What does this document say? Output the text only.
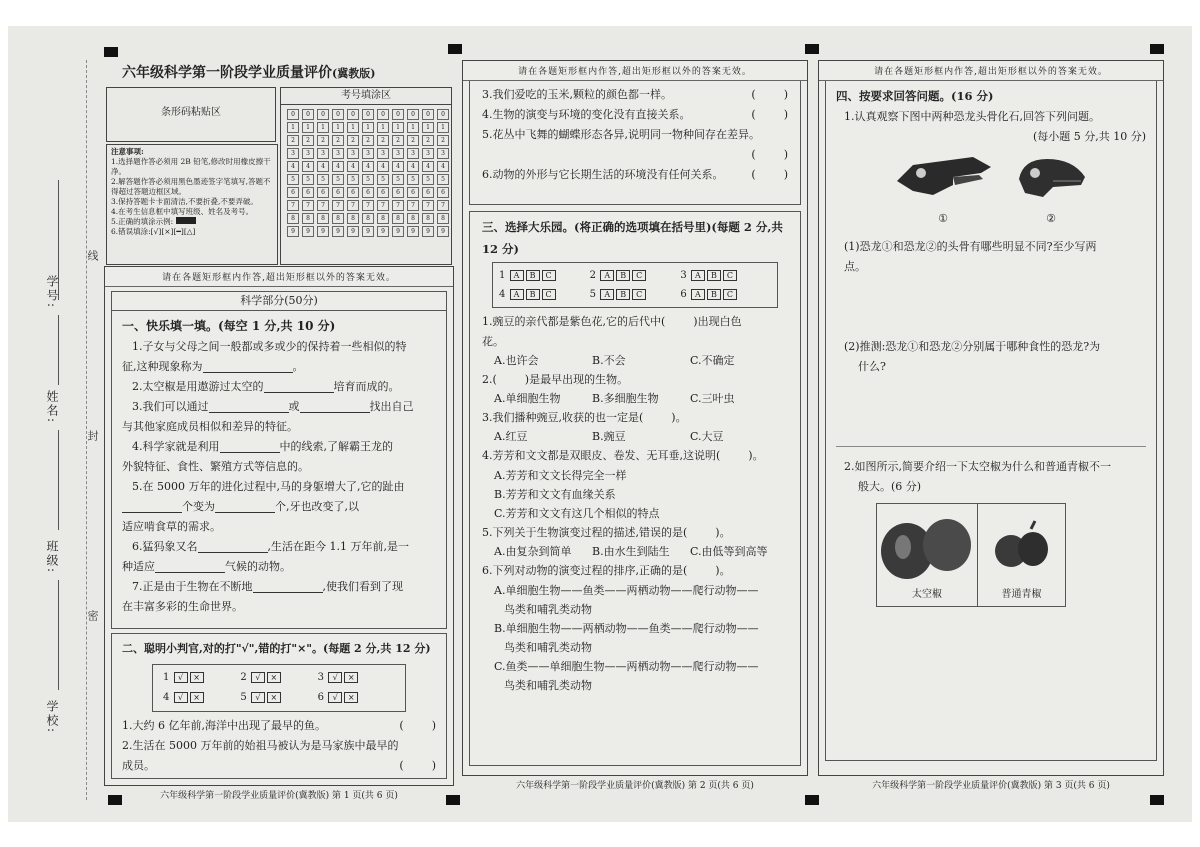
学号:
姓名:
班级:
学校:
线
封
密
六年级科学第一阶段学业质量评价(冀教版)
条形码粘贴区
考号填涂区
0	0	0	0	0	0	0	0	0	0	0
1	1	1	1	1	1	1	1	1	1	1
2	2	2	2	2	2	2	2	2	2	2
3	3	3	3	3	3	3	3	3	3	3
4	4	4	4	4	4	4	4	4	4	4
5	5	5	5	5	5	5	5	5	5	5
6	6	6	6	6	6	6	6	6	6	6
7	7	7	7	7	7	7	7	7	7	7
8	8	8	8	8	8	8	8	8	8	8
9	9	9	9	9	9	9	9	9	9	9
注意事项:
1.选择题作答必须用 2B 铅笔,修改时用橡皮擦干净。
2.解答题作答必须用黑色墨迹签字笔填写,答题不得超过答题边框区域。
3.保持答题卡卡面清洁,不要折叠,不要弄破。
4.在考生信息框中填写班级、姓名及考号。
5.正确的填涂示例:
6.错误填涂:[√][×][━][△]
请在各题矩形框内作答,超出矩形框以外的答案无效。
科学部分(50分)
一、快乐填一填。(每空 1 分,共 10 分)
1.子女与父母之间一般都或多或少的保持着一些相似的特
征,这种现象称为	。
2.太空椒是用遨游过太空的	培育而成的。
3.我们可以通过	或	找出自己
与其他家庭成员相似和差异的特征。
4.科学家就是利用	中的线索,了解霸王龙的
外貌特征、食性、繁殖方式等信息的。
5.在 5000 万年的进化过程中,马的身躯增大了,它的趾由
个变为	个,牙也改变了,以
适应啃食草的需求。
6.猛犸象又名	,生活在距今 1.1 万年前,是一
种适应	气候的动物。
7.正是由于生物在不断地	,使我们看到了现
在丰富多彩的生命世界。
二、聪明小判官,对的打"√",错的打"×"。(每题 2 分,共 12 分)
1 √ ×	2 √ ×	3 √ ×
4 √ ×	5 √ ×	6 √ ×
1.大约 6 亿年前,海洋中出现了最早的鱼。	(	)
2.生活在 5000 万年前的始祖马被认为是马家族中最早的
成员。	(	)
六年级科学第一阶段学业质量评价(冀教版) 第 1 页(共 6 页)
请在各题矩形框内作答,超出矩形框以外的答案无效。
3.我们爱吃的玉米,颗粒的颜色都一样。	(	)
4.生物的演变与环境的变化没有直接关系。	(	)
5.花丛中飞舞的蝴蝶形态各异,说明同一物种间存在差异。
(	)
6.动物的外形与它长期生活的环境没有任何关系。	(	)
三、选择大乐园。(将正确的选项填在括号里)(每题 2 分,共
12 分)
1 A B C	2 A B C	3 A B C
4 A B C	5 A B C	6 A B C
1.豌豆的亲代都是紫色花,它的后代中(	)出现白色
花。
A.也许会	B.不会	C.不确定
2.(	)是最早出现的生物。
A.单细胞生物	B.多细胞生物	C.三叶虫
3.我们播种豌豆,收获的也一定是(	)。
A.红豆	B.豌豆	C.大豆
4.芳芳和文文都是双眼皮、卷发、无耳垂,这说明(	)。
A.芳芳和文文长得完全一样
B.芳芳和文文有血缘关系
C.芳芳和文文有这几个相似的特点
5.下列关于生物演变过程的描述,错误的是(	)。
A.由复杂到简单	B.由水生到陆生	C.由低等到高等
6.下列对动物的演变过程的排序,正确的是(	)。
A.单细胞生物——鱼类——两栖动物——爬行动物——
鸟类和哺乳类动物
B.单细胞生物——两栖动物——鱼类——爬行动物——
鸟类和哺乳类动物
C.鱼类——单细胞生物——两栖动物——爬行动物——
鸟类和哺乳类动物
六年级科学第一阶段学业质量评价(冀教版) 第 2 页(共 6 页)
请在各题矩形框内作答,超出矩形框以外的答案无效。
四、按要求回答问题。(16 分)
1.认真观察下图中两种恐龙头骨化石,回答下列问题。
(每小题 5 分,共 10 分)
①	②
(1)恐龙①和恐龙②的头骨有哪些明显不同?至少写两
点。
(2)推测:恐龙①和恐龙②分别属于哪种食性的恐龙?为
什么?
2.如图所示,简要介绍一下太空椒为什么和普通青椒不一
般大。(6 分)
太空椒	普通青椒
六年级科学第一阶段学业质量评价(冀教版) 第 3 页(共 6 页)
